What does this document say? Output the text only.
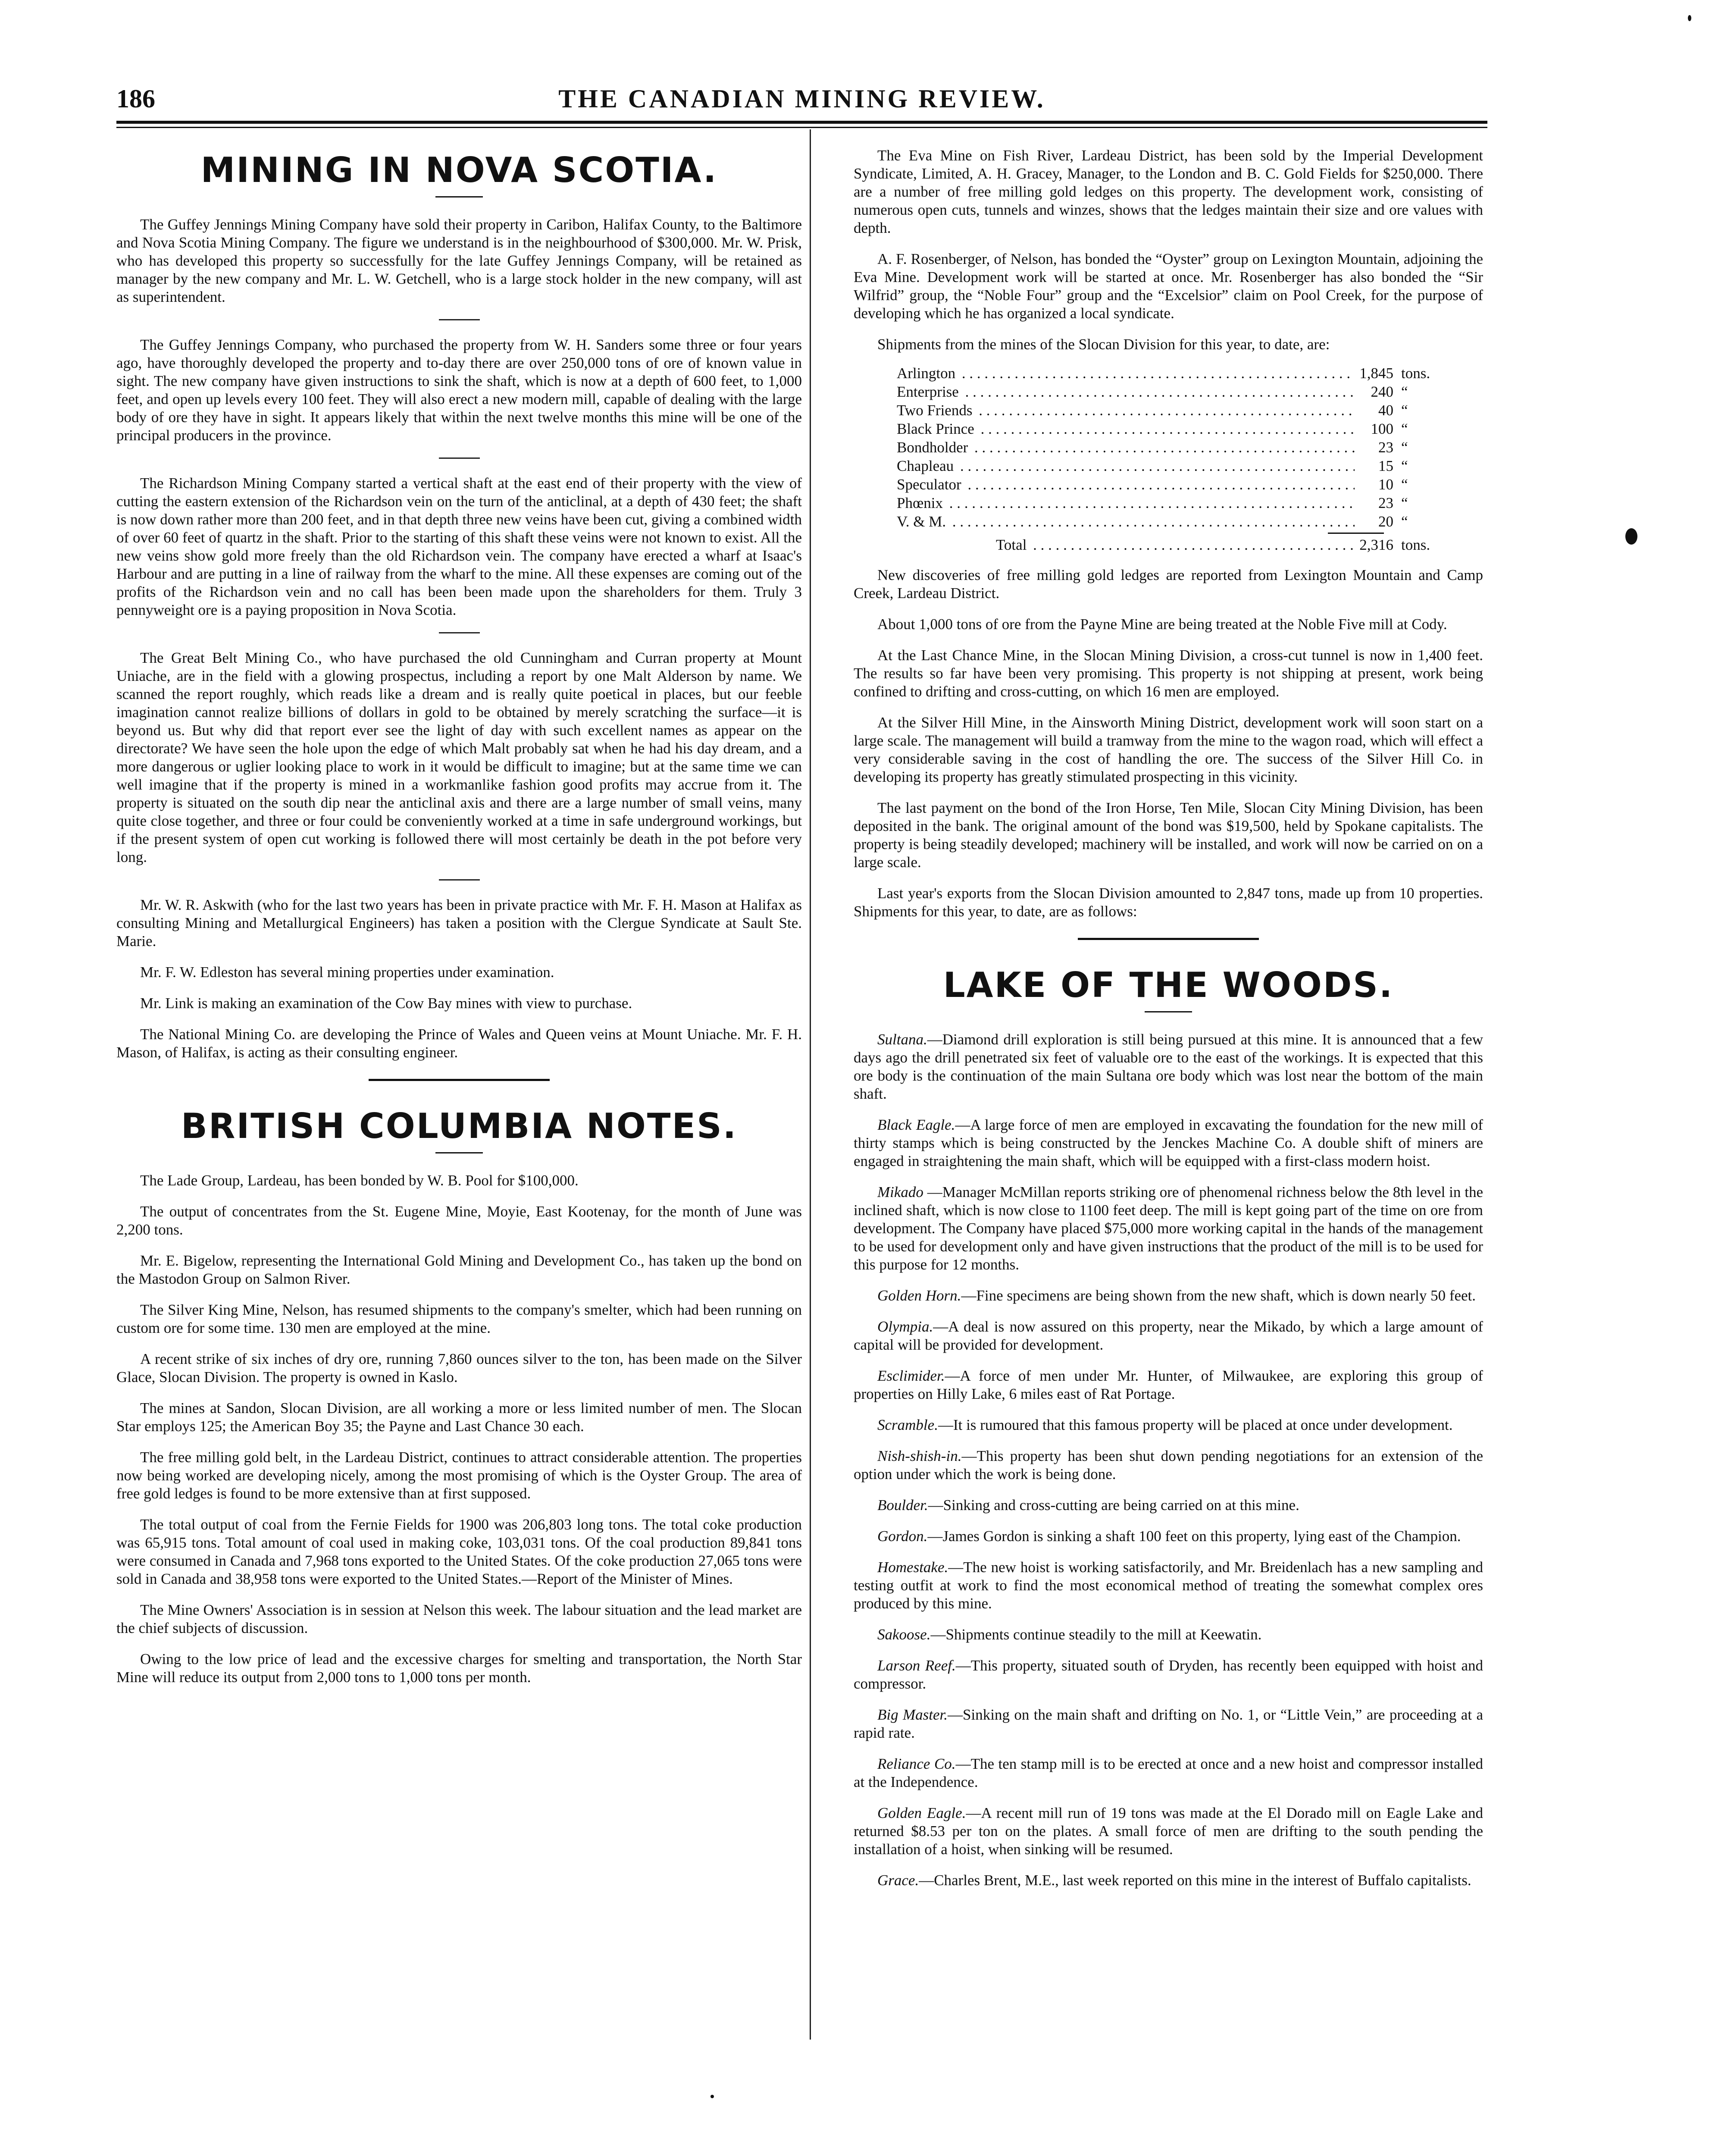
186	THE CANADIAN MINING REVIEW.
MINING IN NOVA SCOTIA.

The Guffey Jennings Mining Company have sold their property in Caribon, Halifax County, to the Baltimore and Nova Scotia Mining Company. The figure we understand is in the neighbourhood of $300,000. Mr. W. Prisk, who has developed this property so successfully for the late Guffey Jennings Company, will be retained as manager by the new company and Mr. L. W. Getchell, who is a large stock holder in the new company, will ast as superintendent.

The Guffey Jennings Company, who purchased the property from W. H. Sanders some three or four years ago, have thoroughly developed the property and to-day there are over 250,000 tons of ore of known value in sight. The new company have given instructions to sink the shaft, which is now at a depth of 600 feet, to 1,000 feet, and open up levels every 100 feet. They will also erect a new modern mill, capable of dealing with the large body of ore they have in sight. It appears likely that within the next twelve months this mine will be one of the principal producers in the province.

The Richardson Mining Company started a vertical shaft at the east end of their property with the view of cutting the eastern extension of the Richardson vein on the turn of the anticlinal, at a depth of 430 feet; the shaft is now down rather more than 200 feet, and in that depth three new veins have been cut, giving a combined width of over 60 feet of quartz in the shaft. Prior to the starting of this shaft these veins were not known to exist. All the new veins show gold more freely than the old Richardson vein. The company have erected a wharf at Isaac's Harbour and are putting in a line of railway from the wharf to the mine. All these expenses are coming out of the profits of the Richardson vein and no call has been been made upon the shareholders for them. Truly 3 pennyweight ore is a paying proposition in Nova Scotia.

The Great Belt Mining Co., who have purchased the old Cunningham and Curran property at Mount Uniache, are in the field with a glowing prospectus, including a report by one Malt Alderson by name. We scanned the report roughly, which reads like a dream and is really quite poetical in places, but our feeble imagination cannot realize billions of dollars in gold to be obtained by merely scratching the surface—it is beyond us. But why did that report ever see the light of day with such excellent names as appear on the directorate? We have seen the hole upon the edge of which Malt probably sat when he had his day dream, and a more dangerous or uglier looking place to work in it would be difficult to imagine; but at the same time we can well imagine that if the property is mined in a workmanlike fashion good profits may accrue from it. The property is situated on the south dip near the anticlinal axis and there are a large number of small veins, many quite close together, and three or four could be conveniently worked at a time in safe underground workings, but if the present system of open cut working is followed there will most certainly be death in the pot before very long.

Mr. W. R. Askwith (who for the last two years has been in private practice with Mr. F. H. Mason at Halifax as consulting Mining and Metallurgical Engineers) has taken a position with the Clergue Syndicate at Sault Ste. Marie.

Mr. F. W. Edleston has several mining properties under examination.

Mr. Link is making an examination of the Cow Bay mines with view to purchase.

The National Mining Co. are developing the Prince of Wales and Queen veins at Mount Uniache. Mr. F. H. Mason, of Halifax, is acting as their consulting engineer.

BRITISH COLUMBIA NOTES.

The Lade Group, Lardeau, has been bonded by W. B. Pool for $100,000.

The output of concentrates from the St. Eugene Mine, Moyie, East Kootenay, for the month of June was 2,200 tons.

Mr. E. Bigelow, representing the International Gold Mining and Development Co., has taken up the bond on the Mastodon Group on Salmon River.

The Silver King Mine, Nelson, has resumed shipments to the company's smelter, which had been running on custom ore for some time. 130 men are employed at the mine.

A recent strike of six inches of dry ore, running 7,860 ounces silver to the ton, has been made on the Silver Glace, Slocan Division. The property is owned in Kaslo.

The mines at Sandon, Slocan Division, are all working a more or less limited number of men. The Slocan Star employs 125; the American Boy 35; the Payne and Last Chance 30 each.

The free milling gold belt, in the Lardeau District, continues to attract considerable attention. The properties now being worked are developing nicely, among the most promising of which is the Oyster Group. The area of free gold ledges is found to be more extensive than at first supposed.

The total output of coal from the Fernie Fields for 1900 was 206,803 long tons. The total coke production was 65,915 tons. Total amount of coal used in making coke, 103,031 tons. Of the coal production 89,841 tons were consumed in Canada and 7,968 tons exported to the United States. Of the coke production 27,065 tons were sold in Canada and 38,958 tons were exported to the United States.—Report of the Minister of Mines.

The Mine Owners' Association is in session at Nelson this week. The labour situation and the lead market are the chief subjects of discussion.

Owing to the low price of lead and the excessive charges for smelting and transportation, the North Star Mine will reduce its output from 2,000 tons to 1,000 tons per month.

The Eva Mine on Fish River, Lardeau District, has been sold by the Imperial Development Syndicate, Limited, A. H. Gracey, Manager, to the London and B. C. Gold Fields for $250,000. There are a number of free milling gold ledges on this property. The development work, consisting of numerous open cuts, tunnels and winzes, shows that the ledges maintain their size and ore values with depth.

A. F. Rosenberger, of Nelson, has bonded the “Oyster” group on Lexington Mountain, adjoining the Eva Mine. Development work will be started at once. Mr. Rosenberger has also bonded the “Sir Wilfrid” group, the “Noble Four” group and the “Excelsior” claim on Pool Creek, for the purpose of developing which he has organized a local syndicate.

Shipments from the mines of the Slocan Division for this year, to date, are:

Arlington . . .	1,845 tons.
Enterprise . . .	240 “
Two Friends . . .	40 “
Black Prince . . .	100 “
Bondholder . . .	23 “
Chapleau . . .	15 “
Speculator . . .	10 “
Phœnix . . .	23 “
V. & M. . . .	20 “
Total . . .	2,316 tons.

New discoveries of free milling gold ledges are reported from Lexington Mountain and Camp Creek, Lardeau District.

About 1,000 tons of ore from the Payne Mine are being treated at the Noble Five mill at Cody.

At the Last Chance Mine, in the Slocan Mining Division, a cross-cut tunnel is now in 1,400 feet. The results so far have been very promising. This property is not shipping at present, work being confined to drifting and cross-cutting, on which 16 men are employed.

At the Silver Hill Mine, in the Ainsworth Mining District, development work will soon start on a large scale. The management will build a tramway from the mine to the wagon road, which will effect a very considerable saving in the cost of handling the ore. The success of the Silver Hill Co. in developing its property has greatly stimulated prospecting in this vicinity.

The last payment on the bond of the Iron Horse, Ten Mile, Slocan City Mining Division, has been deposited in the bank. The original amount of the bond was $19,500, held by Spokane capitalists. The property is being steadily developed; machinery will be installed, and work will now be carried on on a large scale.

Last year's exports from the Slocan Division amounted to 2,847 tons, made up from 10 properties. Shipments for this year, to date, are as follows:

LAKE OF THE WOODS.

Sultana.—Diamond drill exploration is still being pursued at this mine. It is announced that a few days ago the drill penetrated six feet of valuable ore to the east of the workings. It is expected that this ore body is the continuation of the main Sultana ore body which was lost near the bottom of the main shaft.

Black Eagle.—A large force of men are employed in excavating the foundation for the new mill of thirty stamps which is being constructed by the Jenckes Machine Co. A double shift of miners are engaged in straightening the main shaft, which will be equipped with a first-class modern hoist.

Mikado —Manager McMillan reports striking ore of phenomenal richness below the 8th level in the inclined shaft, which is now close to 1100 feet deep. The mill is kept going part of the time on ore from development. The Company have placed $75,000 more working capital in the hands of the management to be used for development only and have given instructions that the product of the mill is to be used for this purpose for 12 months.

Golden Horn.—Fine specimens are being shown from the new shaft, which is down nearly 50 feet.

Olympia.—A deal is now assured on this property, near the Mikado, by which a large amount of capital will be provided for development.

Esclimider.—A force of men under Mr. Hunter, of Milwaukee, are exploring this group of properties on Hilly Lake, 6 miles east of Rat Portage.

Scramble.—It is rumoured that this famous property will be placed at once under development.

Nish-shish-in.—This property has been shut down pending negotiations for an extension of the option under which the work is being done.

Boulder.—Sinking and cross-cutting are being carried on at this mine.

Gordon.—James Gordon is sinking a shaft 100 feet on this property, lying east of the Champion.

Homestake.—The new hoist is working satisfactorily, and Mr. Breidenlach has a new sampling and testing outfit at work to find the most economical method of treating the somewhat complex ores produced by this mine.

Sakoose.—Shipments continue steadily to the mill at Keewatin.

Larson Reef.—This property, situated south of Dryden, has recently been equipped with hoist and compressor.

Big Master.—Sinking on the main shaft and drifting on No. 1, or “Little Vein,” are proceeding at a rapid rate.

Reliance Co.—The ten stamp mill is to be erected at once and a new hoist and compressor installed at the Independence.

Golden Eagle.—A recent mill run of 19 tons was made at the El Dorado mill on Eagle Lake and returned $8.53 per ton on the plates. A small force of men are drifting to the south pending the installation of a hoist, when sinking will be resumed.

Grace.—Charles Brent, M.E., last week reported on this mine in the interest of Buffalo capitalists.
